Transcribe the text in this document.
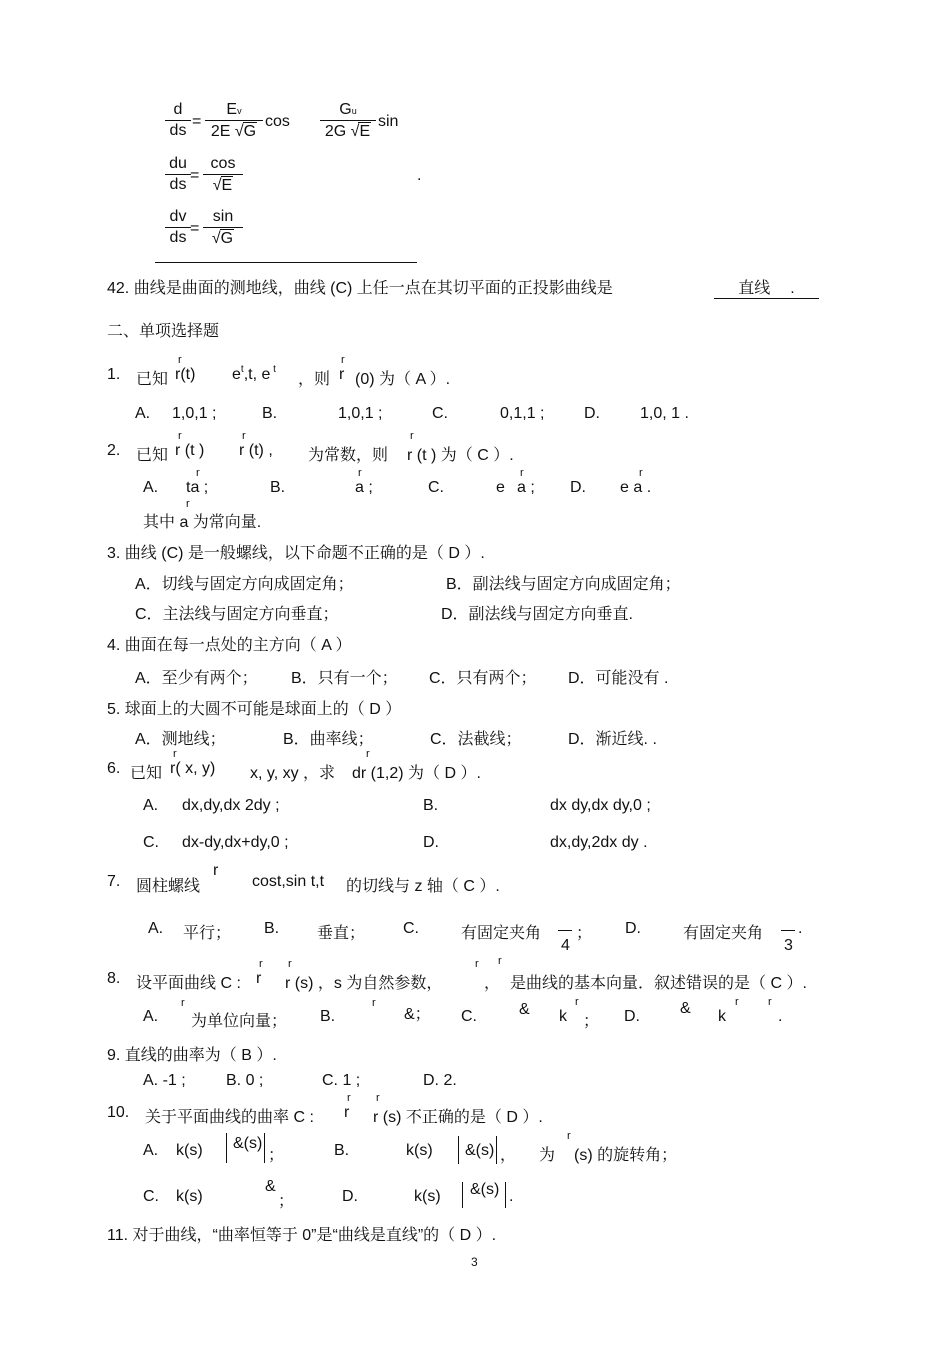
$\frac{d}{ds} = \frac{Ev}{2E √G}$ $\cos \frac{Gu}{2G √E}$ sin
$\frac{du}{ds} = \frac{\cos}{√E}$	.
$\frac{dv}{ds} = \frac{\sin}{√G}$
42. 曲线是曲面的测地线，曲线 (C) 上任一点在其切平面的正投影曲线是	直线 .
二、单项选择题
1. 已知
r
r(t) $e^t,t$, e $^t$
，则
r
r (0) 为（ A ）.
A. 1,0,1 ;	B.	1,0,1 ;	C.	0,1,1 ; D.	1,0, 1 .
2. 已知
r
r (t )
r
r (t) , 为常数，则
r
r (t ) 为（ C ）.
A.
r
ta ;	B.
r
a ;	C.	e
r
a ; D.
r
e a .
r
其中 a 为常向量.
3. 曲线 (C) 是一般螺线，以下命题不正确的是（ D ）.
A．切线与固定方向成固定角；	B．副法线与固定方向成固定角；
C．主法线与固定方向垂直；	D．副法线与固定方向垂直.
4. 曲面在每一点处的主方向（ A ）
A．至少有两个； B．只有一个； C．只有两个； D．可能没有 .
5. 球面上的大圆不可能是球面上的（ D ）
A．测地线；	B．曲率线；	C．法截线；	D．渐近线. .
6. 已知
r
r( x, y) x, y, xy ，求
r
dr (1,2) 为（ D ）.
A. dx,dy,dx 2dy ;	B.	dx dy,dx dy,0 ;
C. dx-dy,dx+dy,0 ;	D.	dx,dy,2dx dy .
7. 圆柱螺线
r
cost,sin t,t 的切线与 z 轴（ C ）.
A. 平行； B. 垂直； C.	有固定夹角
4
； D.	有固定夹角
3
.
8. 设平面曲线 C :
r
r
r
r (s) ，s 为自然参数，
r
，
r
是曲线的基本向量．叙述错误的是（ C ）.
A.
r
为单位向量； B.
r
&； C.	& k
r
； D.	& k
r	r
.
9. 直线的曲率为（ B ）.
A. -1 ;	B. 0 ;	C. 1 ;	D. 2.
10. 关于平面曲线的曲率 C :
r
r
r
r (s) 不正确的是（ D ）.
A. k(s) &(s)
；	B.	k(s) &(s) ， 为
r
(s) 的旋转角；
C. k(s)
&
；	D.	k(s) &(s) .
11. 对于曲线，“曲率恒等于 0”是“曲线是直线”的（ D ）.
3
